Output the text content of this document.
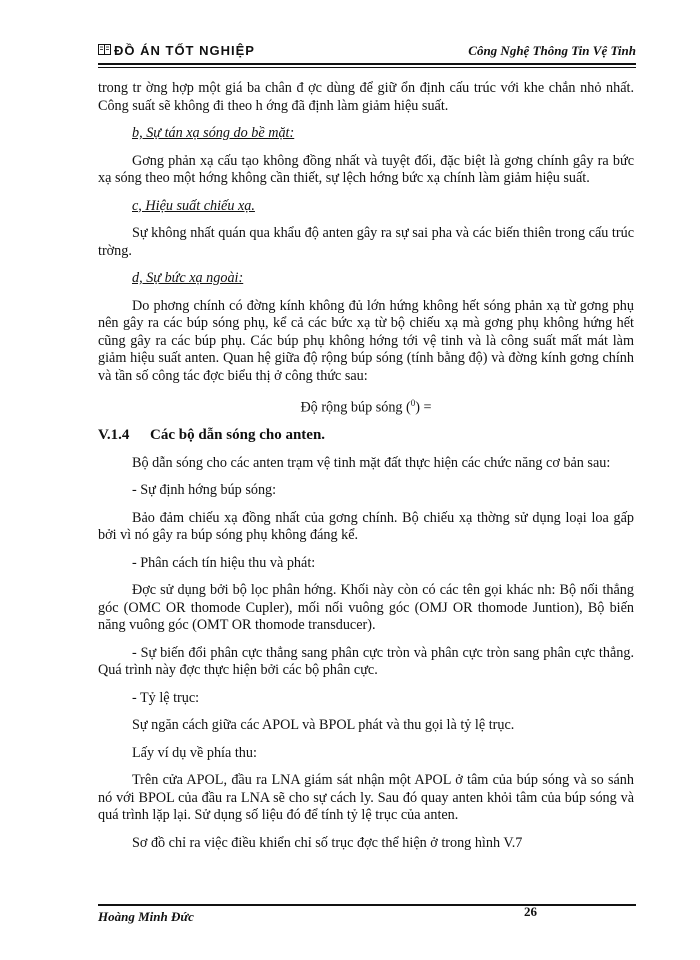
ĐỒ ÁN TỐT NGHIỆP	Công Nghệ Thông Tin Vệ Tinh

trong tr ờng hợp một giá ba chân đ ợc dùng để giữ ổn định cấu trúc với khe chắn nhỏ nhất. Công suất sẽ không đi theo h ớng đã định làm giảm hiệu suất.

b, Sự tán xạ sóng do bề mặt:

Gơng phản xạ cấu tạo không đồng nhất và tuyệt đối, đặc biệt là gơng chính gây ra bức xạ sóng theo một hớng không cần thiết, sự lệch hớng bức xạ chính làm giảm hiệu suất.

c, Hiệu suất chiếu xạ.

Sự không nhất quán qua khẩu độ anten gây ra sự sai pha và các biến thiên trong cấu trúc trờng.

d, Sự bức xạ ngoài:

Do phơng chính có đờng kính không đủ lớn hứng không hết sóng phản xạ từ gơng phụ nên gây ra các búp sóng phụ, kể cả các bức xạ từ bộ chiếu xạ mà gơng phụ không hứng hết cũng gây ra các búp phụ. Các búp phụ không hớng tới vệ tinh và là công suất mất mát làm giảm hiệu suất anten. Quan hệ giữa độ rộng búp sóng (tính bằng độ) và đờng kính gơng chính và tần số công tác đợc biểu thị ở công thức sau:

Độ rộng búp sóng ($^0$) =

V.1.4 Các bộ dẫn sóng cho anten.

Bộ dẫn sóng cho các anten trạm vệ tinh mặt đất thực hiện các chức năng cơ bản sau:

- Sự định hớng búp sóng:

Bảo đảm chiếu xạ đồng nhất của gơng chính. Bộ chiếu xạ thờng sử dụng loại loa gấp bởi vì nó gây ra búp sóng phụ không đáng kể.

- Phân cách tín hiệu thu và phát:

Đợc sử dụng bởi bộ lọc phân hớng. Khối này còn có các tên gọi khác nh: Bộ nối thẳng góc (OMC OR thomode Cupler), mối nối vuông góc (OMJ OR thomode Juntion), Bộ biến năng vuông góc (OMT OR thomode transducer).

- Sự biến đổi phân cực thẳng sang phân cực tròn và phân cực tròn sang phân cực thẳng. Quá trình này đợc thực hiện bởi các bộ phân cực.

- Tỷ lệ trục:

Sự ngăn cách giữa các APOL và BPOL phát và thu gọi là tỷ lệ trục.

Lấy ví dụ về phía thu:

Trên cửa APOL, đầu ra LNA giám sát nhận một APOL ở tâm của búp sóng và so sánh nó với BPOL của đầu ra LNA sẽ cho sự cách ly. Sau đó quay anten khỏi tâm của búp sóng và quá trình lặp lại. Sử dụng số liệu đó để tính tỷ lệ trục của anten.

Sơ đồ chỉ ra việc điều khiển chỉ số trục đợc thể hiện ở trong hình V.7

Hoàng Minh Đức	26
